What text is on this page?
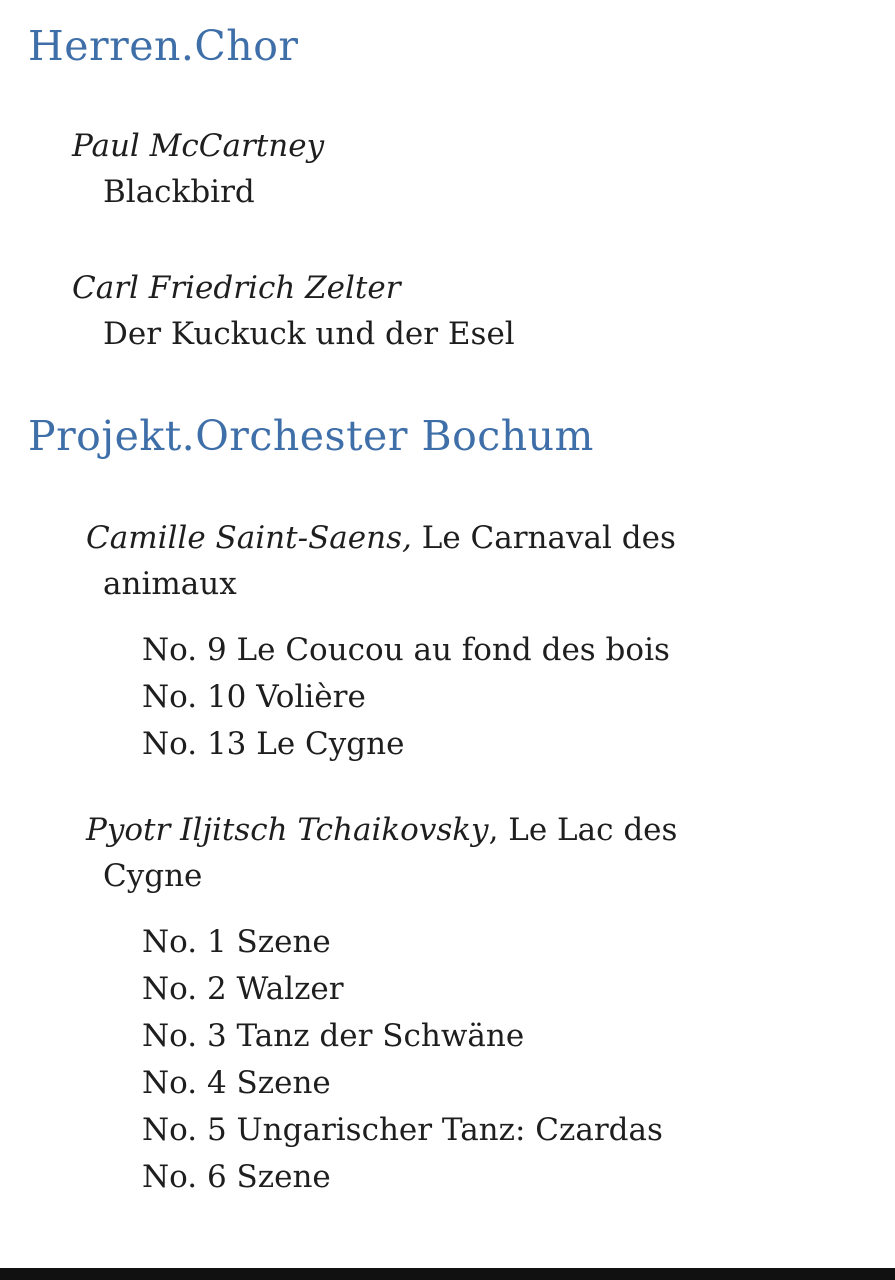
Herren.Chor

Paul McCartney

Blackbird

Carl Friedrich Zelter

Der Kuckuck und der Esel

Projekt.Orchester Bochum

Camille Saint-Saens, Le Carnaval des

animaux

No. 9 Le Coucou au fond des bois

No. 10 Volière

No. 13 Le Cygne

Pyotr Iljitsch Tchaikovsky, Le Lac des

Cygne

No. 1 Szene

No. 2 Walzer

No. 3 Tanz der Schwäne

No. 4 Szene

No. 5 Ungarischer Tanz: Czardas

No. 6 Szene
